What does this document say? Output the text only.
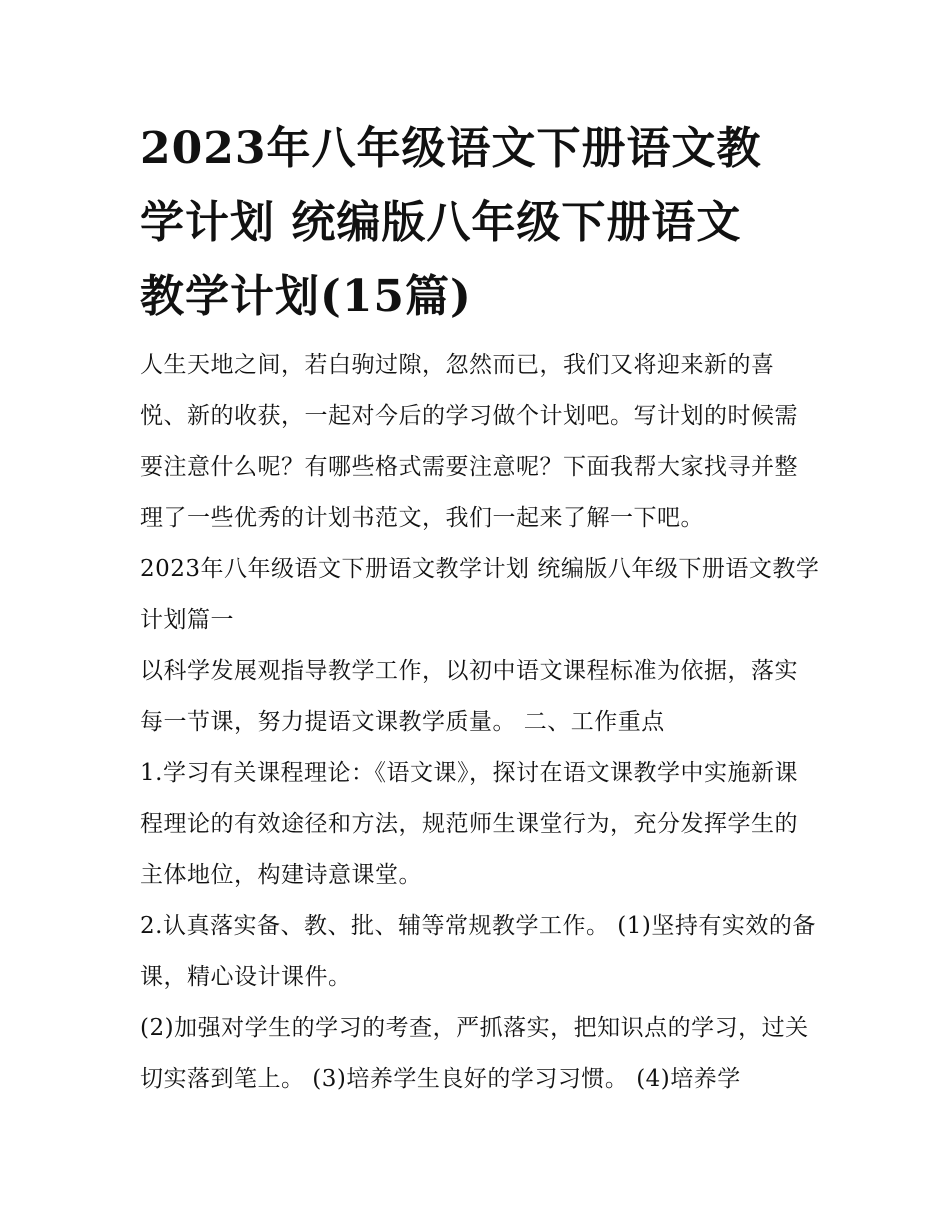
2023年八年级语文下册语文教
学计划 统编版八年级下册语文
教学计划(15篇)

人生天地之间，若白驹过隙，忽然而已，我们又将迎来新的喜悦、新的收获，一起对今后的学习做个计划吧。写计划的时候需要注意什么呢？有哪些格式需要注意呢？下面我帮大家找寻并整理了一些优秀的计划书范文，我们一起来了解一下吧。

2023年八年级语文下册语文教学计划 统编版八年级下册语文教学计划篇一

以科学发展观指导教学工作，以初中语文课程标准为依据，落实每一节课，努力提语文课教学质量。 二、工作重点

1.学习有关课程理论：《语文课》，探讨在语文课教学中实施新课程理论的有效途径和方法，规范师生课堂行为，充分发挥学生的主体地位，构建诗意课堂。

2.认真落实备、教、批、辅等常规教学工作。 (1)坚持有实效的备课，精心设计课件。

(2)加强对学生的学习的考查，严抓落实，把知识点的学习，过关切实落到笔上。 (3)培养学生良好的学习习惯。 (4)培养学
